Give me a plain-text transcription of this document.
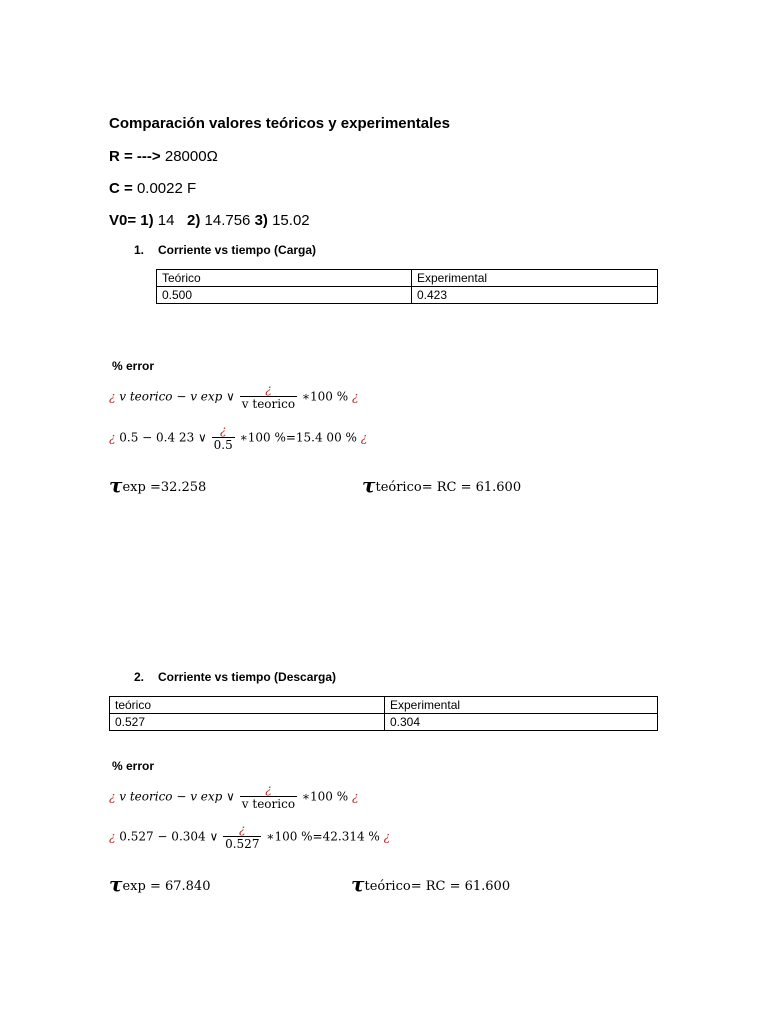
Comparación valores teóricos y experimentales
R = ---> 28000Ω
C = 0.0022 F
V0= 1) 14 2) 14.756 3) 15.02
1. Corriente vs tiempo (Carga)
Teórico	Experimental
0.500	0.423
% error
¿ v teorico − v exp ∨ $\frac{¿}{\text{v teorico}}$ ∗100 % ¿
¿ 0.5 − 0.4 23 ∨ $\frac{¿}{0.5}$ ∗100 %=15.4 00 % ¿
τexp =32.258	τteórico= RC = 61.600
2. Corriente vs tiempo (Descarga)
teórico	Experimental
0.527	0.304
% error
¿ v teorico − v exp ∨ $\frac{¿}{\text{v teorico}}$ ∗100 % ¿
¿ 0.527 − 0.304 ∨ $\frac{¿}{0.527}$ ∗100 %=42.314 % ¿
τexp = 67.840	τteórico= RC = 61.600
